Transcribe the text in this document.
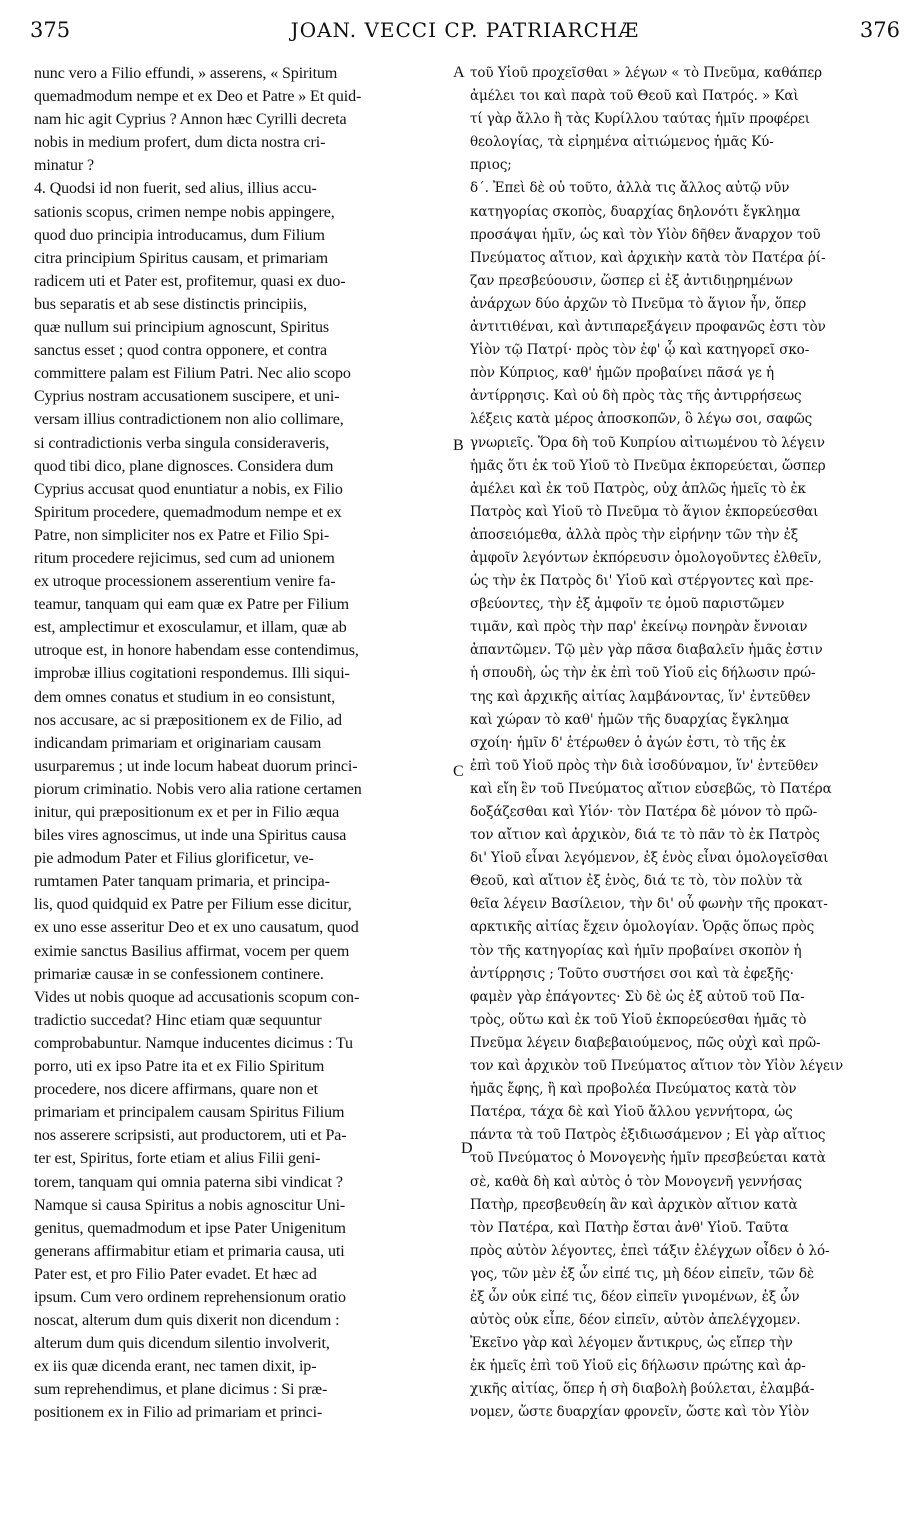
375	JOAN. VECCI CP. PATRIARCHÆ	376
nunc vero a Filio effundi, » asserens, « Spiritum
quemadmodum nempe et ex Deo et Patre » Et quid-
nam hic agit Cyprius ? Annon hæc Cyrilli decreta
nobis in medium profert, dum dicta nostra cri-
minatur ?
4. Quodsi id non fuerit, sed alius, illius accu-
sationis scopus, crimen nempe nobis appingere,
quod duo principia introducamus, dum Filium
citra principium Spiritus causam, et primariam
radicem uti et Pater est, profitemur, quasi ex duo-
bus separatis et ab sese distinctis principiis,
quæ nullum sui principium agnoscunt, Spiritus
sanctus esset ; quod contra opponere, et contra
committere palam est Filium Patri. Nec alio scopo
Cyprius nostram accusationem suscipere, et uni-
versam illius contradictionem non alio collimare,
si contradictionis verba singula consideraveris,
quod tibi dico, plane dignosces. Considera dum
Cyprius accusat quod enuntiatur a nobis, ex Filio
Spiritum procedere, quemadmodum nempe et ex
Patre, non simpliciter nos ex Patre et Filio Spi-
ritum procedere rejicimus, sed cum ad unionem
ex utroque processionem asserentium venire fa-
teamur, tanquam qui eam quæ ex Patre per Filium
est, amplectimur et exosculamur, et illam, quæ ab
utroque est, in honore habendam esse contendimus,
improbæ illius cogitationi respondemus. Illi siqui-
dem omnes conatus et studium in eo consistunt,
nos accusare, ac si præpositionem ex de Filio, ad
indicandam primariam et originariam causam
usurparemus ; ut inde locum habeat duorum princi-
piorum criminatio. Nobis vero alia ratione certamen
initur, qui præpositionum ex et per in Filio æqua
biles vires agnoscimus, ut inde una Spiritus causa
pie admodum Pater et Filius glorificetur, ve-
rumtamen Pater tanquam primaria, et principa-
lis, quod quidquid ex Patre per Filium esse dicitur,
ex uno esse asseritur Deo et ex uno causatum, quod
eximie sanctus Basilius affirmat, vocem per quem
primariæ causæ in se confessionem continere.
Vides ut nobis quoque ad accusationis scopum con-
tradictio succedat? Hinc etiam quæ sequuntur
comprobabuntur. Namque inducentes dicimus : Tu
porro, uti ex ipso Patre ita et ex Filio Spiritum
procedere, nos dicere affirmans, quare non et
primariam et principalem causam Spiritus Filium
nos asserere scripsisti, aut productorem, uti et Pa-
ter est, Spiritus, forte etiam et alius Filii geni-
torem, tanquam qui omnia paterna sibi vindicat ?
Namque si causa Spiritus a nobis agnoscitur Uni-
genitus, quemadmodum et ipse Pater Unigenitum
generans affirmabitur etiam et primaria causa, uti
Pater est, et pro Filio Pater evadet. Et hæc ad
ipsum. Cum vero ordinem reprehensionum oratio
noscat, alterum dum quis dixerit non dicendum :
alterum dum quis dicendum silentio involverit,
ex iis quæ dicenda erant, nec tamen dixit, ip-
sum reprehendimus, et plane dicimus : Si præ-
positionem ex in Filio ad primariam et princi-
τοῦ Υἱοῦ προχεῖσθαι » λέγων « τὸ Πνεῦμα, καθάπερ
ἀμέλει τοι καὶ παρὰ τοῦ Θεοῦ καὶ Πατρός. » Καὶ
τί γὰρ ἄλλο ἢ τὰς Κυρίλλου ταύτας ἡμῖν προφέρει
θεολογίας, τὰ εἰρημένα αἰτιώμενος ἡμᾶς Κύ-
πριος;
δ΄. Ἐπεὶ δὲ οὐ τοῦτο, ἀλλὰ τις ἄλλος αὐτῷ νῦν
κατηγορίας σκοπὸς, δυαρχίας δηλονότι ἔγκλημα
προσάψαι ἡμῖν, ὡς καὶ τὸν Υἱὸν δῆθεν ἄναρχον τοῦ
Πνεύματος αἴτιον, καὶ ἀρχικὴν κατὰ τὸν Πατέρα ῥί-
ζαν πρεσβεύουσιν, ὥσπερ εἰ ἐξ ἀντιδιῃρημένων
ἀνάρχων δύο ἀρχῶν τὸ Πνεῦμα τὸ ἅγιον ἦν, ὅπερ
ἀντιτιθέναι, καὶ ἀντιπαρεξάγειν προφανῶς ἐστι τὸν
Υἱὸν τῷ Πατρί· πρὸς τὸν ἐφ' ᾧ καὶ κατηγορεῖ σκο-
πὸν Κύπριος, καθ' ἡμῶν προβαίνει πᾶσά γε ἡ
ἀντίρρησις. Καὶ οὐ δὴ πρὸς τὰς τῆς ἀντιρρήσεως
λέξεις κατὰ μέρος ἀποσκοπῶν, ὃ λέγω σοι, σαφῶς
γνωριεῖς. Ὅρα δὴ τοῦ Κυπρίου αἰτιωμένου τὸ λέγειν
ἡμᾶς ὅτι ἐκ τοῦ Υἱοῦ τὸ Πνεῦμα ἐκπορεύεται, ὥσπερ
ἀμέλει καὶ ἐκ τοῦ Πατρὸς, οὐχ ἁπλῶς ἡμεῖς τὸ ἐκ
Πατρὸς καὶ Υἱοῦ τὸ Πνεῦμα τὸ ἅγιον ἐκπορεύεσθαι
ἀποσειόμεθα, ἀλλὰ πρὸς τὴν εἰρήνην τῶν τὴν ἐξ
ἀμφοῖν λεγόντων ἐκπόρευσιν ὁμολογοῦντες ἐλθεῖν,
ὡς τὴν ἐκ Πατρὸς δι' Υἱοῦ καὶ στέργοντες καὶ πρε-
σβεύοντες, τὴν ἐξ ἀμφοῖν τε ὁμοῦ παριστῶμεν
τιμᾶν, καὶ πρὸς τὴν παρ' ἐκείνῳ πονηρὰν ἔννοιαν
ἀπαντῶμεν. Τῷ μὲν γὰρ πᾶσα διαβαλεῖν ἡμᾶς ἐστιν
ἡ σπουδὴ, ὡς τὴν ἐκ ἐπὶ τοῦ Υἱοῦ εἰς δήλωσιν πρώ-
της καὶ ἀρχικῆς αἰτίας λαμβάνοντας, ἵν' ἐντεῦθεν
καὶ χώραν τὸ καθ' ἡμῶν τῆς δυαρχίας ἔγκλημα
σχοίη· ἡμῖν δ' ἑτέρωθεν ὁ ἀγών ἐστι, τὸ τῆς ἐκ
ἐπὶ τοῦ Υἱοῦ πρὸς τὴν διὰ ἰσοδύναμον, ἵν' ἐντεῦθεν
καὶ εἴη ἓν τοῦ Πνεύματος αἴτιον εὐσεβῶς, τὸ Πατέρα
δοξάζεσθαι καὶ Υἱόν· τὸν Πατέρα δὲ μόνον τὸ πρῶ-
τον αἴτιον καὶ ἀρχικὸν, διά τε τὸ πᾶν τὸ ἐκ Πατρὸς
δι' Υἱοῦ εἶναι λεγόμενον, ἐξ ἑνὸς εἶναι ὁμολογεῖσθαι
Θεοῦ, καὶ αἴτιον ἐξ ἑνὸς, διά τε τὸ, τὸν πολὺν τὰ
θεῖα λέγειν Βασίλειον, τὴν δι' οὗ φωνὴν τῆς προκατ-
αρκτικῆς αἰτίας ἔχειν ὁμολογίαν. Ὁρᾷς ὅπως πρὸς
τὸν τῆς κατηγορίας καὶ ἡμῖν προβαίνει σκοπὸν ἡ
ἀντίρρησις ; Τοῦτο συστήσει σοι καὶ τὰ ἐφεξῆς·
φαμὲν γὰρ ἐπάγοντες· Σὺ δὲ ὡς ἐξ αὐτοῦ τοῦ Πα-
τρὸς, οὕτω καὶ ἐκ τοῦ Υἱοῦ ἐκπορεύεσθαι ἡμᾶς τὸ
Πνεῦμα λέγειν διαβεβαιούμενος, πῶς οὐχὶ καὶ πρῶ-
τον καὶ ἀρχικὸν τοῦ Πνεύματος αἴτιον τὸν Υἱὸν λέγειν
ἡμᾶς ἔφης, ἢ καὶ προβολέα Πνεύματος κατὰ τὸν
Πατέρα, τάχα δὲ καὶ Υἱοῦ ἄλλου γεννήτορα, ὡς
πάντα τὰ τοῦ Πατρὸς ἐξιδιωσάμενον ; Εἰ γὰρ αἴτιος
τοῦ Πνεύματος ὁ Μονογενὴς ἡμῖν πρεσβεύεται κατὰ
σὲ, καθὰ δὴ καὶ αὐτὸς ὁ τὸν Μονογενῆ γεννήσας
Πατὴρ, πρεσβευθείη ἂν καὶ ἀρχικὸν αἴτιον κατὰ
τὸν Πατέρα, καὶ Πατὴρ ἔσται ἀνθ' Υἱοῦ. Ταῦτα
πρὸς αὐτὸν λέγοντες, ἐπεὶ τάξιν ἐλέγχων οἶδεν ὁ λό-
γος, τῶν μὲν ἐξ ὧν εἰπέ τις, μὴ δέον εἰπεῖν, τῶν δὲ
ἐξ ὧν οὐκ εἰπέ τις, δέον εἰπεῖν γινομένων, ἐξ ὧν
αὐτὸς οὐκ εἶπε, δέον εἰπεῖν, αὐτὸν ἀπελέγχομεν.
Ἐκεῖνο γὰρ καὶ λέγομεν ἄντικρυς, ὡς εἴπερ τὴν
ἐκ ἡμεῖς ἐπὶ τοῦ Υἱοῦ εἰς δήλωσιν πρώτης καὶ ἀρ-
χικῆς αἰτίας, ὅπερ ἡ σὴ διαβολὴ βούλεται, ἐλαμβά-
νομεν, ὥστε δυαρχίαν φρονεῖν, ὥστε καὶ τὸν Υἱὸν
A
B
C
D
